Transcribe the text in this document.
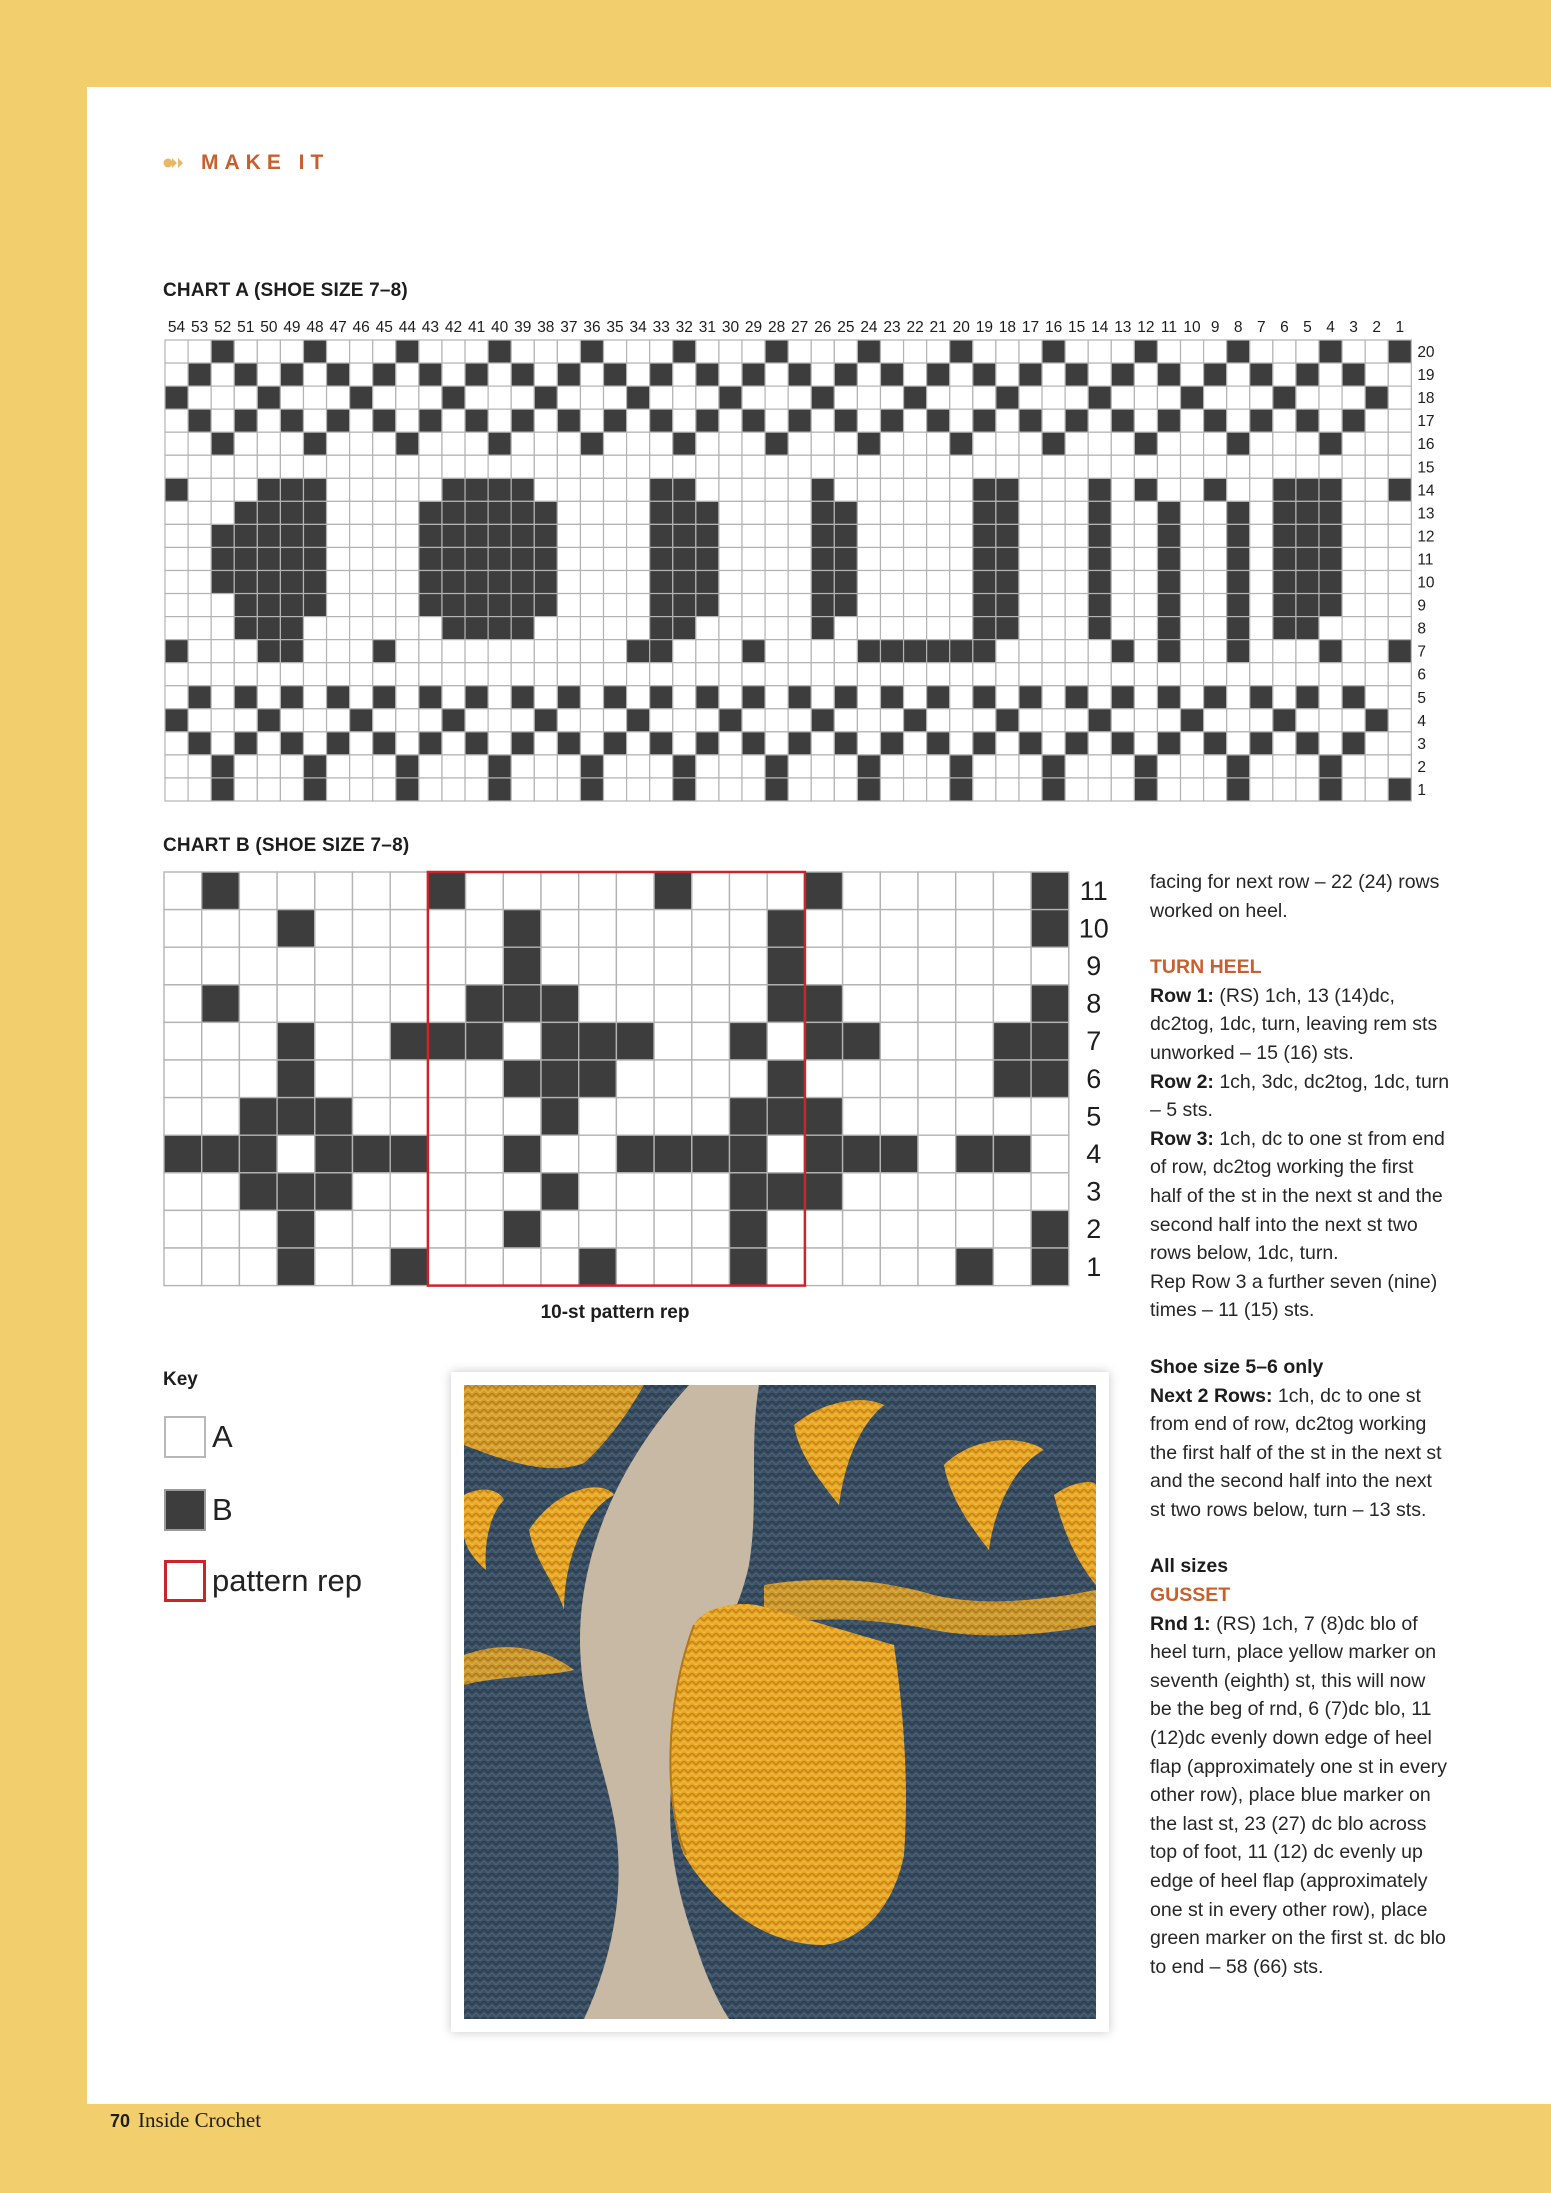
MAKE IT
CHART A (SHOE SIZE 7–8)
54 53 52 51 50 49 48 47 46 45 44 43 42 41 40 39 38 37 36 35 34 33 32 31 30 29 28 27 26 25 24 23 22 21 20 19 18 17 16 15 14 13 12 11 10 9 8 7 6 5 4 3 2 1
20
19
18
17
16
15
14
13
12
11
10
9
8
7
6
5
4
3
2
1
CHART B (SHOE SIZE 7–8)
11
10
9
8
7
6
5
4
3
2
1
10-st pattern rep
Key
A
B
pattern rep

facing for next row – 22 (24) rows worked on heel.

TURN HEEL

Row 1: (RS) 1ch, 13 (14)dc, dc2tog, 1dc, turn, leaving rem sts unworked – 15 (16) sts.

Row 2: 1ch, 3dc, dc2tog, 1dc, turn – 5 sts.

Row 3: 1ch, dc to one st from end of row, dc2tog working the first half of the st in the next st and the second half into the next st two rows below, 1dc, turn.

Rep Row 3 a further seven (nine) times – 11 (15) sts.

Shoe size 5–6 only

Next 2 Rows: 1ch, dc to one st from end of row, dc2tog working the first half of the st in the next st and the second half into the next st two rows below, turn – 13 sts.

All sizes

GUSSET

Rnd 1: (RS) 1ch, 7 (8)dc blo of heel turn, place yellow marker on seventh (eighth) st, this will now be the beg of rnd, 6 (7)dc blo, 11 (12)dc evenly down edge of heel flap (approximately one st in every other row), place blue marker on the last st, 23 (27) dc blo across top of foot, 11 (12) dc evenly up edge of heel flap (approximately one st in every other row), place green marker on the first st. dc blo to end – 58 (66) sts.

70 Inside Crochet
